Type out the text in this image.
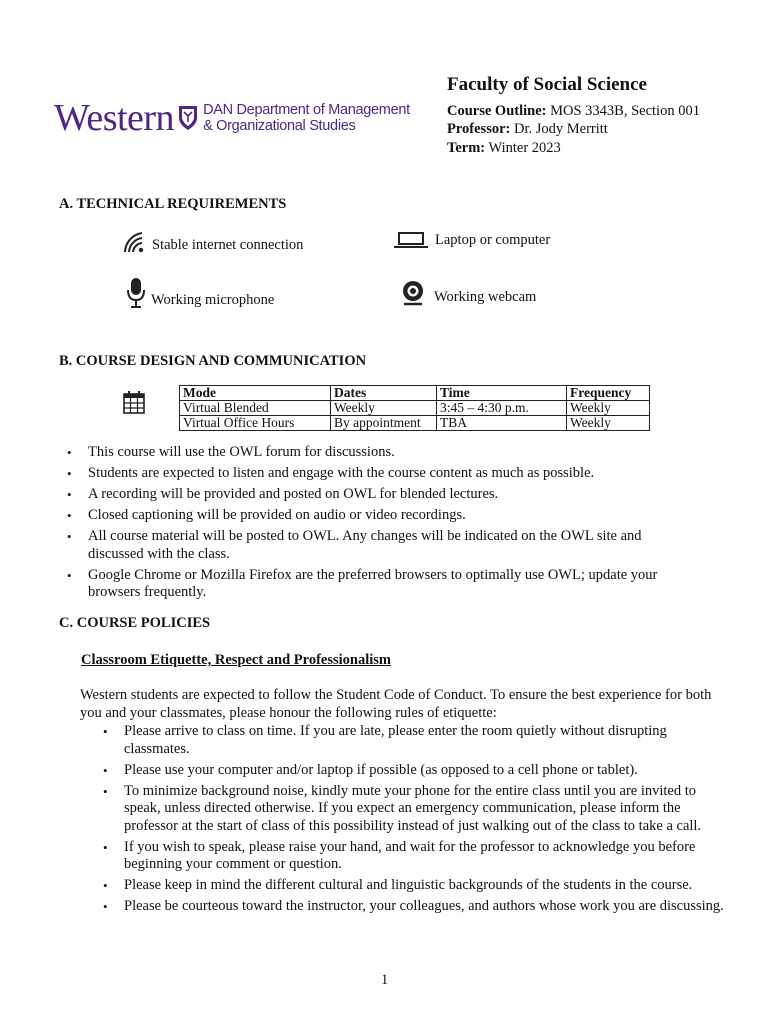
Western DAN Department of Management
& Organizational Studies
Faculty of Social Science
Course Outline: MOS 3343B, Section 001
Professor: Dr. Jody Merritt
Term: Winter 2023
A. TECHNICAL REQUIREMENTS
Stable internet connection	Laptop or computer
Working microphone	Working webcam
B. COURSE DESIGN AND COMMUNICATION
Mode	Dates	Time	Frequency
Virtual Blended	Weekly	3:45 – 4:30 p.m.	Weekly
Virtual Office Hours	By appointment	TBA	Weekly
• This course will use the OWL forum for discussions.
• Students are expected to listen and engage with the course content as much as possible.
• A recording will be provided and posted on OWL for blended lectures.
• Closed captioning will be provided on audio or video recordings.
• All course material will be posted to OWL. Any changes will be indicated on the OWL site and discussed with the class.
• Google Chrome or Mozilla Firefox are the preferred browsers to optimally use OWL; update your browsers frequently.
C. COURSE POLICIES
Classroom Etiquette, Respect and Professionalism
Western students are expected to follow the Student Code of Conduct. To ensure the best experience for both you and your classmates, please honour the following rules of etiquette:
• Please arrive to class on time. If you are late, please enter the room quietly without disrupting classmates.
• Please use your computer and/or laptop if possible (as opposed to a cell phone or tablet).
• To minimize background noise, kindly mute your phone for the entire class until you are invited to speak, unless directed otherwise. If you expect an emergency communication, please inform the professor at the start of class of this possibility instead of just walking out of the class to take a call.
• If you wish to speak, please raise your hand, and wait for the professor to acknowledge you before beginning your comment or question.
• Please keep in mind the different cultural and linguistic backgrounds of the students in the course.
• Please be courteous toward the instructor, your colleagues, and authors whose work you are discussing.
1
